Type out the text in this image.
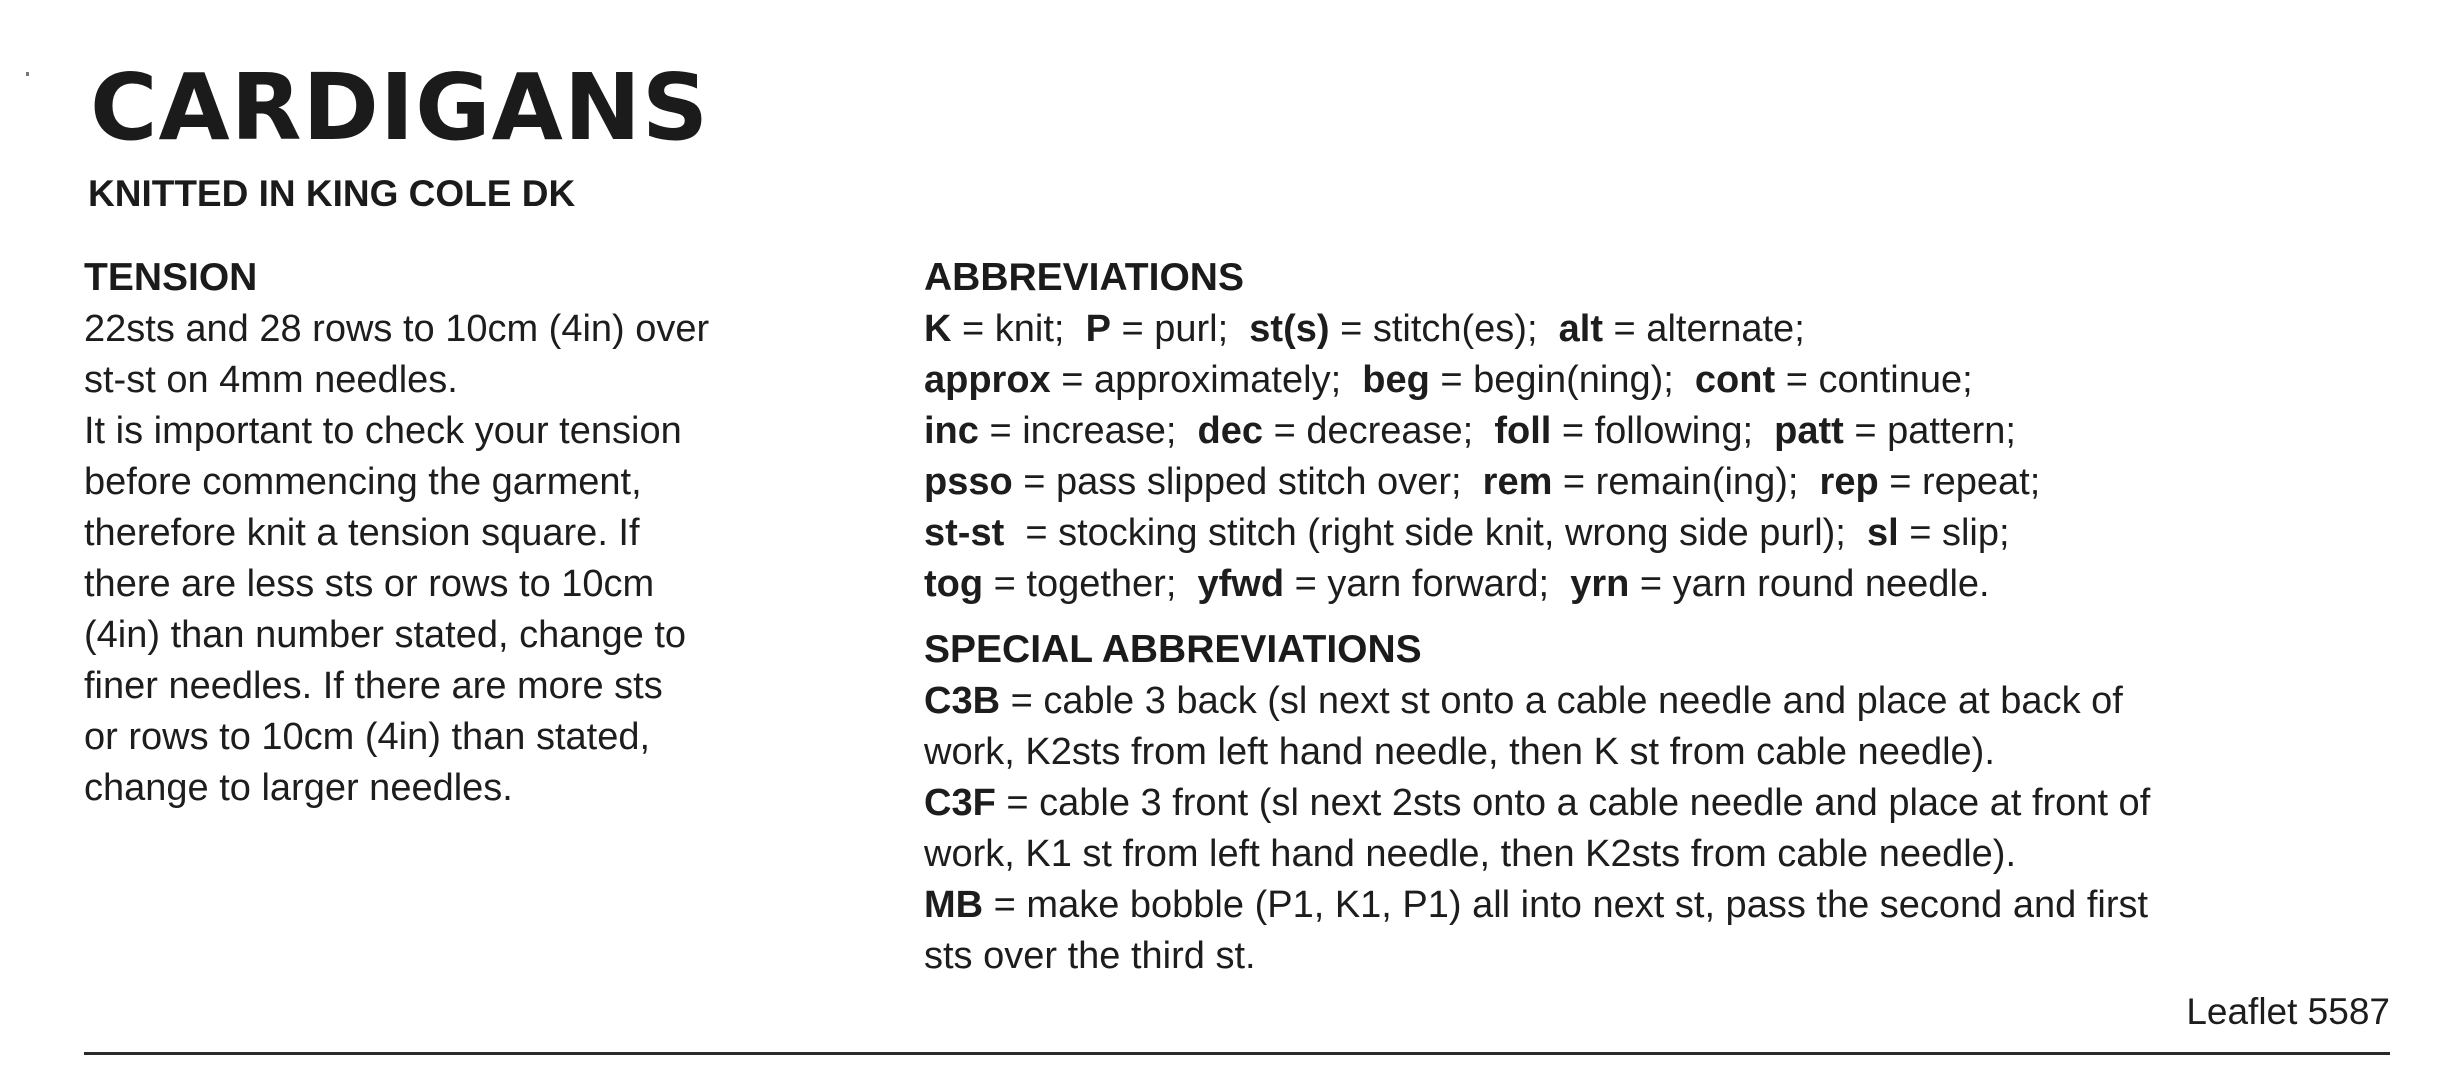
CARDIGANS
KNITTED IN KING COLE DK

TENSION

22sts and 28 rows to 10cm (4in) over

st-st on 4mm needles.

It is important to check your tension

before commencing the garment,

therefore knit a tension square. If

there are less sts or rows to 10cm

(4in) than number stated, change to

finer needles. If there are more sts

or rows to 10cm (4in) than stated,

change to larger needles.

ABBREVIATIONS

K = knit;  P = purl;  st(s) = stitch(es);  alt = alternate;
approx = approximately;  beg = begin(ning);  cont = continue;
inc = increase;  dec = decrease;  foll = following;  patt = pattern;
psso = pass slipped stitch over;  rem = remain(ing);  rep = repeat;
st-st  = stocking stitch (right side knit, wrong side purl);  sl = slip;
tog = together;  yfwd = yarn forward;  yrn = yarn round needle.

SPECIAL ABBREVIATIONS

C3B = cable 3 back (sl next st onto a cable needle and place at back of
work, K2sts from left hand needle, then K st from cable needle).
C3F = cable 3 front (sl next 2sts onto a cable needle and place at front of
work, K1 st from left hand needle, then K2sts from cable needle).
MB = make bobble (P1, K1, P1) all into next st, pass the second and first
sts over the third st.
Leaflet 5587
